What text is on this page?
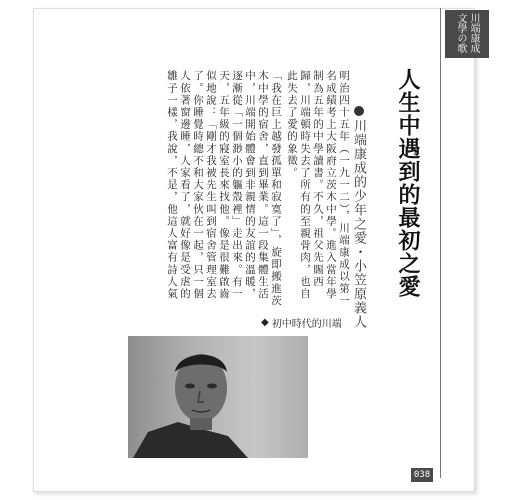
川端康成
文學の歌
人生中遇到的最初之愛
川端康成的少年之愛・小笠原義人
明治四十五年（一九一二），川端康成以第一名成績考上大阪府立茨木中學。進入當年學制為五年的中學讀書。不久，祖父先賜西歸，川端頓時失去了所有的至親骨肉，也自此失去了愛的象徵。
「我在巨上越發孤單和寂寞了」，旋即搬進茨木中學的宿舍，直到畢業。這一段集體生活中，川端開始體會到非親情的友誼的溫暖，逐漸從「一個渺小的軀殼裡」走出來。有一天，五年級的寢室長來找他。像是很難啟齒似地說：「剛才我被先生叫到宿舍管理室去了。你睡覺時總不和大家伙在一起，只一個人依著窗邊睡，人家看了，就好像是受虐的雛子一樣，我說，不是，他這人富有詩人氣
◆ 初中時代的川端
038
